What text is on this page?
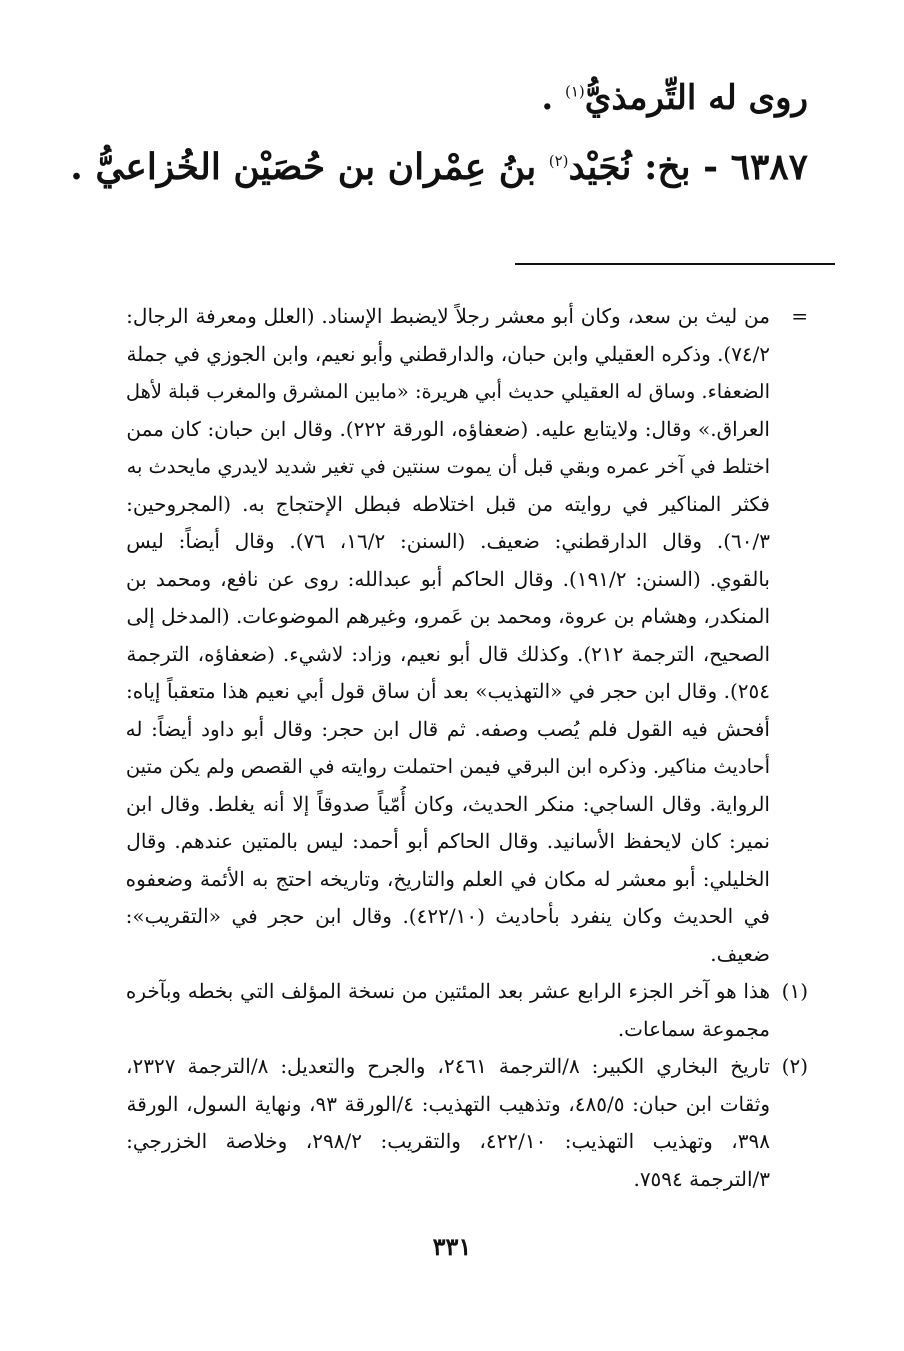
روى له التِّرمذيُّ$^{(١)}$ .
٦٣٨٧ - بخ: نُجَيْد$^{(٢)}$ بنُ عِمْران بن حُصَيْن الخُزاعيُّ .
=
من ليث بن سعد، وكان أبو معشر رجلاً لايضبط الإسناد. (العلل ومعرفة الرجال:
٧٤/٢). وذكره العقيلي وابن حبان، والدارقطني وأبو نعيم، وابن الجوزي في جملة
الضعفاء. وساق له العقيلي حديث أبي هريرة: «مابين المشرق والمغرب قبلة لأهل
العراق.» وقال: ولايتابع عليه. (ضعفاؤه، الورقة ٢٢٢). وقال ابن حبان: كان ممن
اختلط في آخر عمره وبقي قبل أن يموت سنتين في تغير شديد لايدري مايحدث به
فكثر المناكير في روايته من قبل اختلاطه فبطل الإحتجاج به. (المجروحين:
٦٠/٣). وقال الدارقطني: ضعيف. (السنن: ١٦/٢، ٧٦). وقال أيضاً: ليس
بالقوي. (السنن: ١٩١/٢). وقال الحاكم أبو عبدالله: روى عن نافع، ومحمد بن
المنكدر، وهشام بن عروة، ومحمد بن عَمرو، وغيرهم الموضوعات. (المدخل إلى
الصحيح، الترجمة ٢١٢). وكذلك قال أبو نعيم، وزاد: لاشيء. (ضعفاؤه، الترجمة
٢٥٤). وقال ابن حجر في «التهذيب» بعد أن ساق قول أبي نعيم هذا متعقباً إياه:
أفحش فيه القول فلم يُصب وصفه. ثم قال ابن حجر: وقال أبو داود أيضاً: له
أحاديث مناكير. وذكره ابن البرقي فيمن احتملت روايته في القصص ولم يكن متين
الرواية. وقال الساجي: منكر الحديث، وكان أُمّياً صدوقاً إلا أنه يغلط. وقال ابن
نمير: كان لايحفظ الأسانيد. وقال الحاكم أبو أحمد: ليس بالمتين عندهم. وقال
الخليلي: أبو معشر له مكان في العلم والتاريخ، وتاريخه احتج به الأئمة وضعفوه
في الحديث وكان ينفرد بأحاديث (٤٢٢/١٠). وقال ابن حجر في «التقريب»:
ضعيف.
(١)
هذا هو آخر الجزء الرابع عشر بعد المئتين من نسخة المؤلف التي بخطه وبآخره
مجموعة سماعات.
(٢)
تاريخ البخاري الكبير: ٨/الترجمة ٢٤٦١، والجرح والتعديل: ٨/الترجمة ٢٣٢٧،
وثقات ابن حبان: ٤٨٥/٥، وتذهيب التهذيب: ٤/الورقة ٩٣، ونهاية السول، الورقة
٣٩٨، وتهذيب التهذيب: ٤٢٢/١٠، والتقريب: ٢٩٨/٢، وخلاصة الخزرجي:
٣/الترجمة ٧٥٩٤.
٣٣١
